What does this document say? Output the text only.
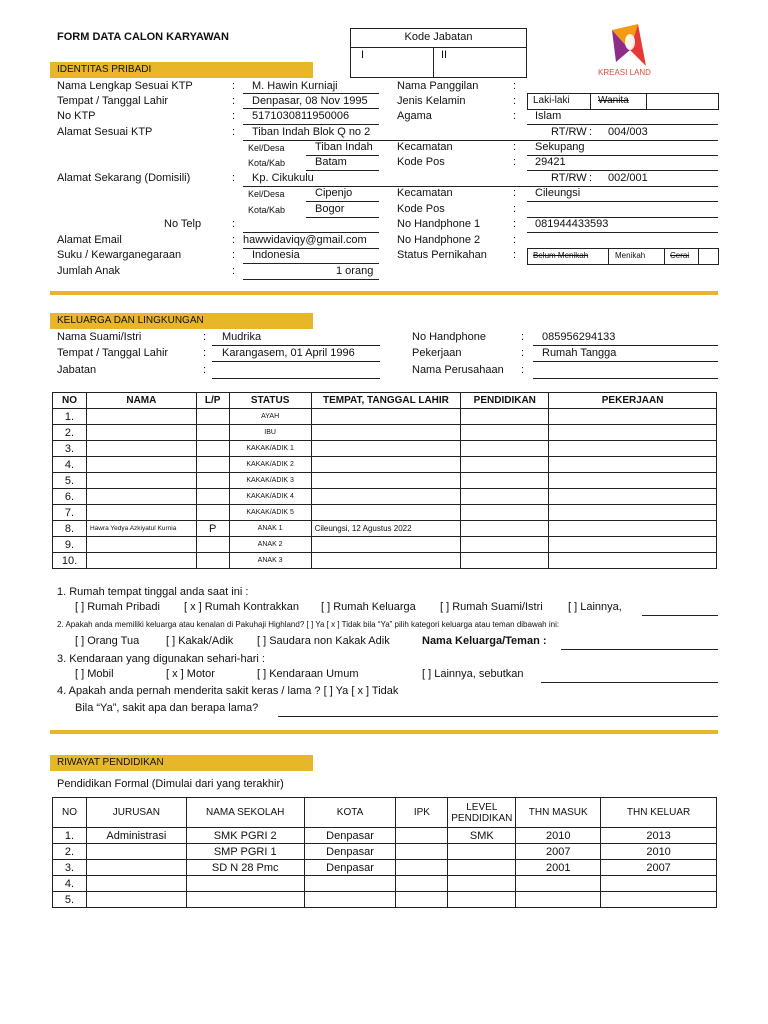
FORM DATA CALON KARYAWAN	Kode Jabatan
I	II
KREASI LAND
IDENTITAS PRIBADI
Nama Lengkap Sesuai KTP	: M. Hawin Kurniaji
Tempat / Tanggal Lahir	: Denpasar, 08 Nov 1995
No KTP	: 5171030811950006
Alamat Sesuai KTP	: Tiban Indah Blok Q no 2
Kel/Desa	Tiban Indah
Kota/Kab	Batam
Alamat Sekarang (Domisili)	: Kp. Cikukulu
Kel/Desa	Cipenjo
Kota/Kab	Bogor
No Telp	:
Alamat Email	: hawwidaviqy@gmail.com
Suku / Kewarganegaraan	: Indonesia
Jumlah Anak	:	1 orang
Nama Panggilan	:
Jenis Kelamin	: Laki-laki	Wanita
Agama	: Islam
RT/RW : 004/003
Kecamatan	: Sekupang
Kode Pos	: 29421
RT/RW : 002/001
Kecamatan	: Cileungsi
Kode Pos	:
No Handphone 1	: 081944433593
No Handphone 2	:
Status Pernikahan : Belum Menikah	Menikah	Cerai
KELUARGA DAN LINGKUNGAN
Nama Suami/Istri	: Mudrika
Tempat / Tanggal Lahir	: Karangasem, 01 April 1996
Jabatan	:
No Handphone	: 085956294133
Pekerjaan	: Rumah Tangga
Nama Perusahaan :
NO	NAMA	L/P	STATUS	TEMPAT, TANGGAL LAHIR	PENDIDIKAN	PEKERJAAN
1.			AYAH			
2.			IBU			
3.			KAKAK/ADIK 1			
4.			KAKAK/ADIK 2			
5.			KAKAK/ADIK 3			
6.			KAKAK/ADIK 4			
7.			KAKAK/ADIK 5			
8.	Hawra Yedya Azkiyatul Kurnia	P	ANAK 1	Cileungsi, 12 Agustus 2022		
9.			ANAK 2			
10.			ANAK 3			
1. Rumah tempat tinggal anda saat ini :
[ ] Rumah Pribadi [ x ] Rumah Kontrakkan [ ] Rumah Keluarga [ ] Rumah Suami/Istri [ ] Lainnya,
2. Apakah anda memiliki keluarga atau kenalan di Pakuhaji Highland? [ ] Ya [ x ] Tidak bila “Ya” pilih kategori keluarga atau teman dibawah ini:
[ ] Orang Tua [ ] Kakak/Adik [ ] Saudara non Kakak Adik	Nama Keluarga/Teman :
3. Kendaraan yang digunakan sehari-hari :
[ ] Mobil	[ x ] Motor	[ ] Kendaraan Umum	[ ] Lainnya, sebutkan
4. Apakah anda pernah menderita sakit keras / lama ? [ ] Ya [ x ] Tidak
Bila “Ya”, sakit apa dan berapa lama?
RIWAYAT PENDIDIKAN
Pendidikan Formal (Dimulai dari yang terakhir)
NO	JURUSAN	NAMA SEKOLAH	KOTA	IPK	LEVEL PENDIDIKAN	THN MASUK	THN KELUAR
1.	Administrasi	SMK PGRI 2	Denpasar		SMK	2010	2013
2.		SMP PGRI 1	Denpasar			2007	2010
3.		SD N 28 Pmc	Denpasar			2001	2007
4.							
5.							
